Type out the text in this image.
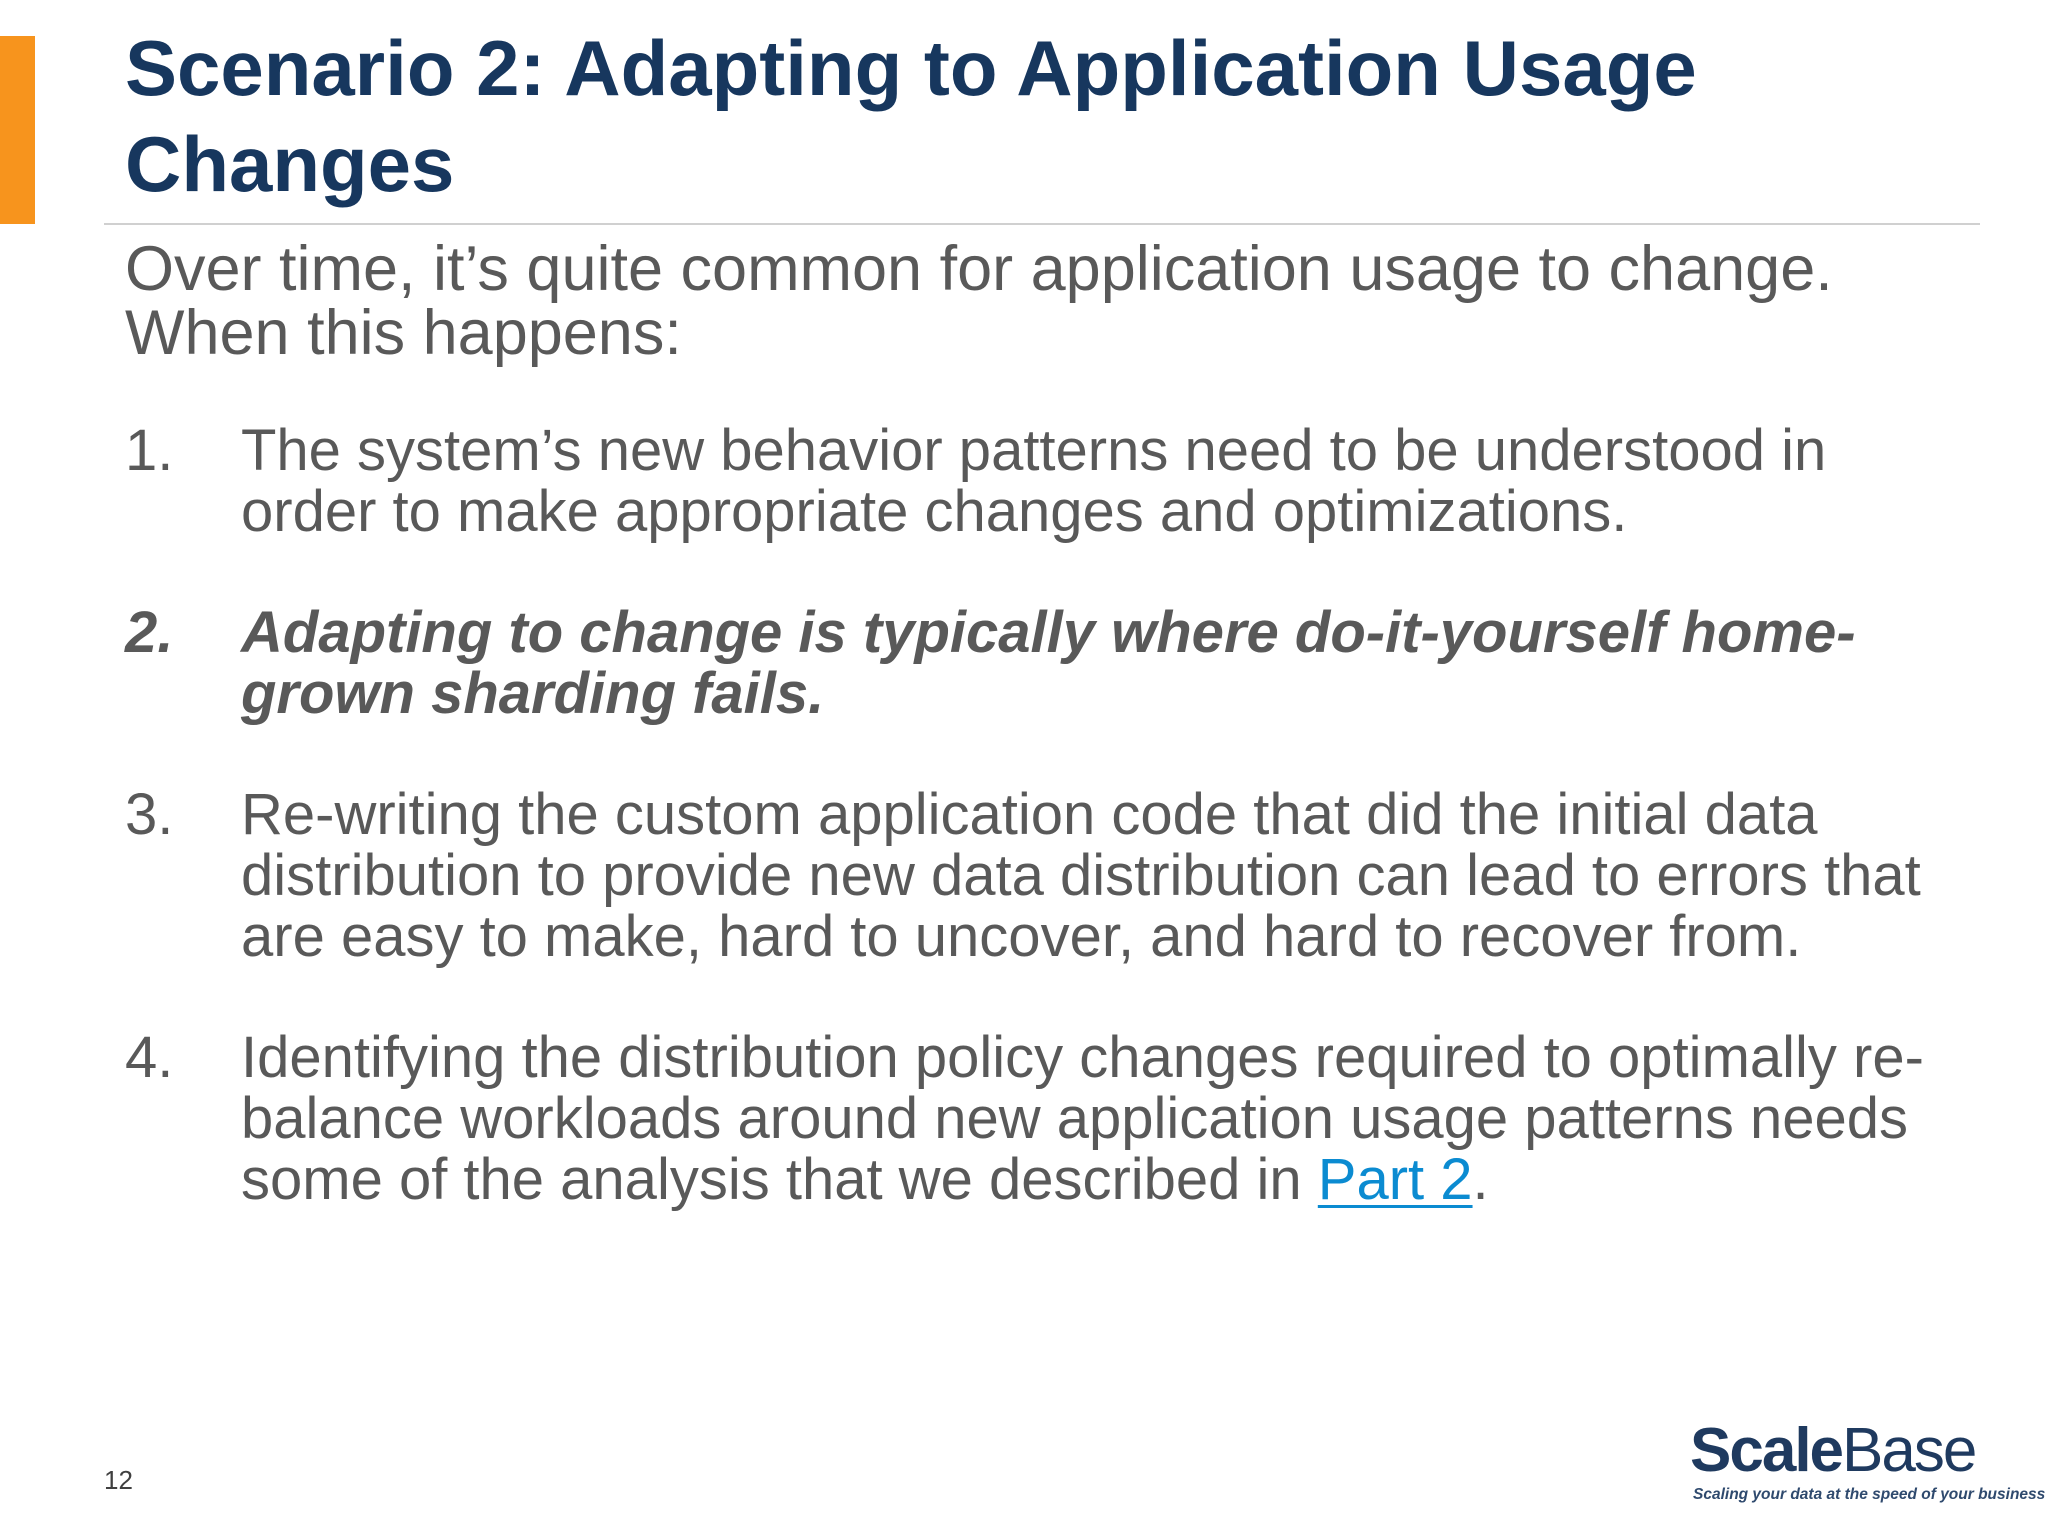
Scenario 2: Adapting to Application Usage Changes

Over time, it’s quite common for application usage to change. When this happens:

1. The system’s new behavior patterns need to be understood in order to make appropriate changes and optimizations.
2. Adapting to change is typically where do-it-yourself home-grown sharding fails.
3. Re-writing the custom application code that did the initial data distribution to provide new data distribution can lead to errors that are easy to make, hard to uncover, and hard to recover from.
4. Identifying the distribution policy changes required to optimally re-balance workloads around new application usage patterns needs some of the analysis that we described in Part 2.
12	ScaleBase
Scaling your data at the speed of your business
